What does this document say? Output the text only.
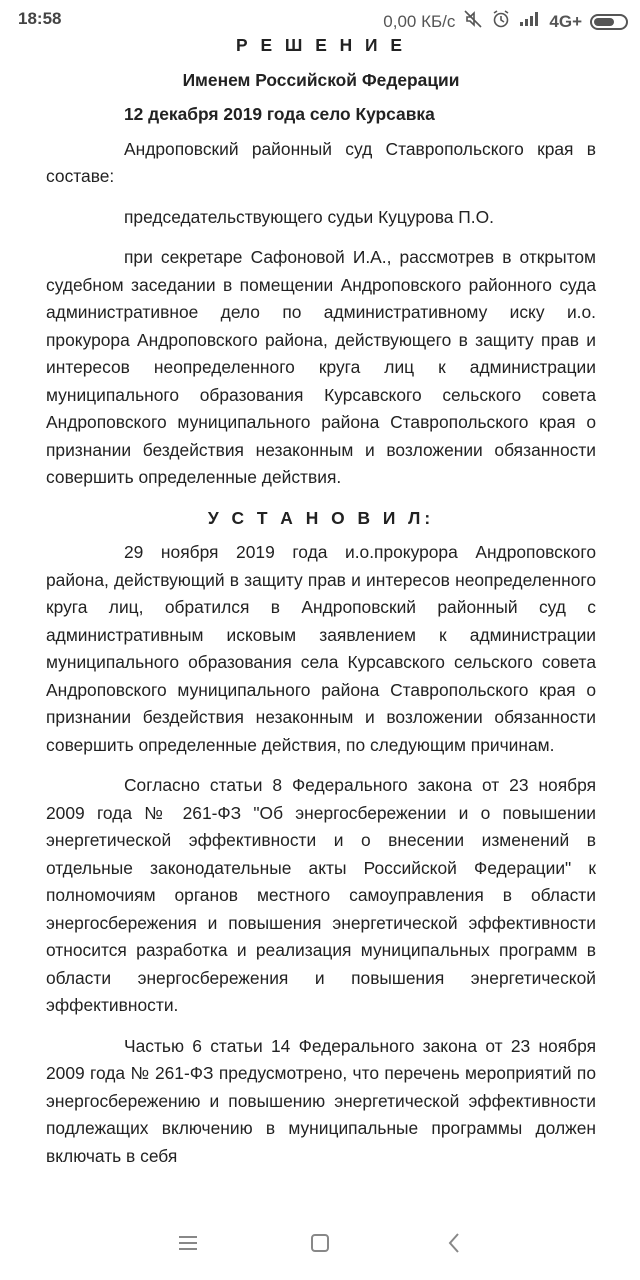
18:58	0,00 КБ/с	4G+

Р Е Ш Е Н И Е

Именем Российской Федерации

12 декабря 2019 года село Курсавка

Андроповский районный суд Ставропольского края в составе:

председательствующего судьи Куцурова П.О.

при секретаре Сафоновой И.А., рассмотрев в открытом судебном заседании в помещении Андроповского районного суда административное дело по административному иску и.о. прокурора Андроповского района, действующего в защиту прав и интересов неопределенного круга лиц к администрации муниципального образования Курсавского сельского совета Андроповского муниципального района Ставропольского края о признании бездействия незаконным и возложении обязанности совершить определенные действия.

У С Т А Н О В И Л:

29 ноября 2019 года и.о.прокурора Андроповского района, действующий в защиту прав и интересов неопределенного круга лиц, обратился в Андроповский районный суд с административным исковым заявлением к администрации муниципального образования села Курсавского сельского совета Андроповского муниципального района Ставропольского края о признании бездействия незаконным и возложении обязанности совершить определенные действия, по следующим причинам.

Согласно статьи 8 Федерального закона от 23 ноября 2009 года № 261-ФЗ "Об энергосбережении и о повышении энергетической эффективности и о внесении изменений в отдельные законодательные акты Российской Федерации" к полномочиям органов местного самоуправления в области энергосбережения и повышения энергетической эффективности относится разработка и реализация муниципальных программ в области энергосбережения и повышения энергетической эффективности.

Частью 6 статьи 14 Федерального закона от 23 ноября 2009 года № 261-ФЗ предусмотрено, что перечень мероприятий по энергосбережению и повышению энергетической эффективности подлежащих включению в муниципальные программы должен включать в себя
